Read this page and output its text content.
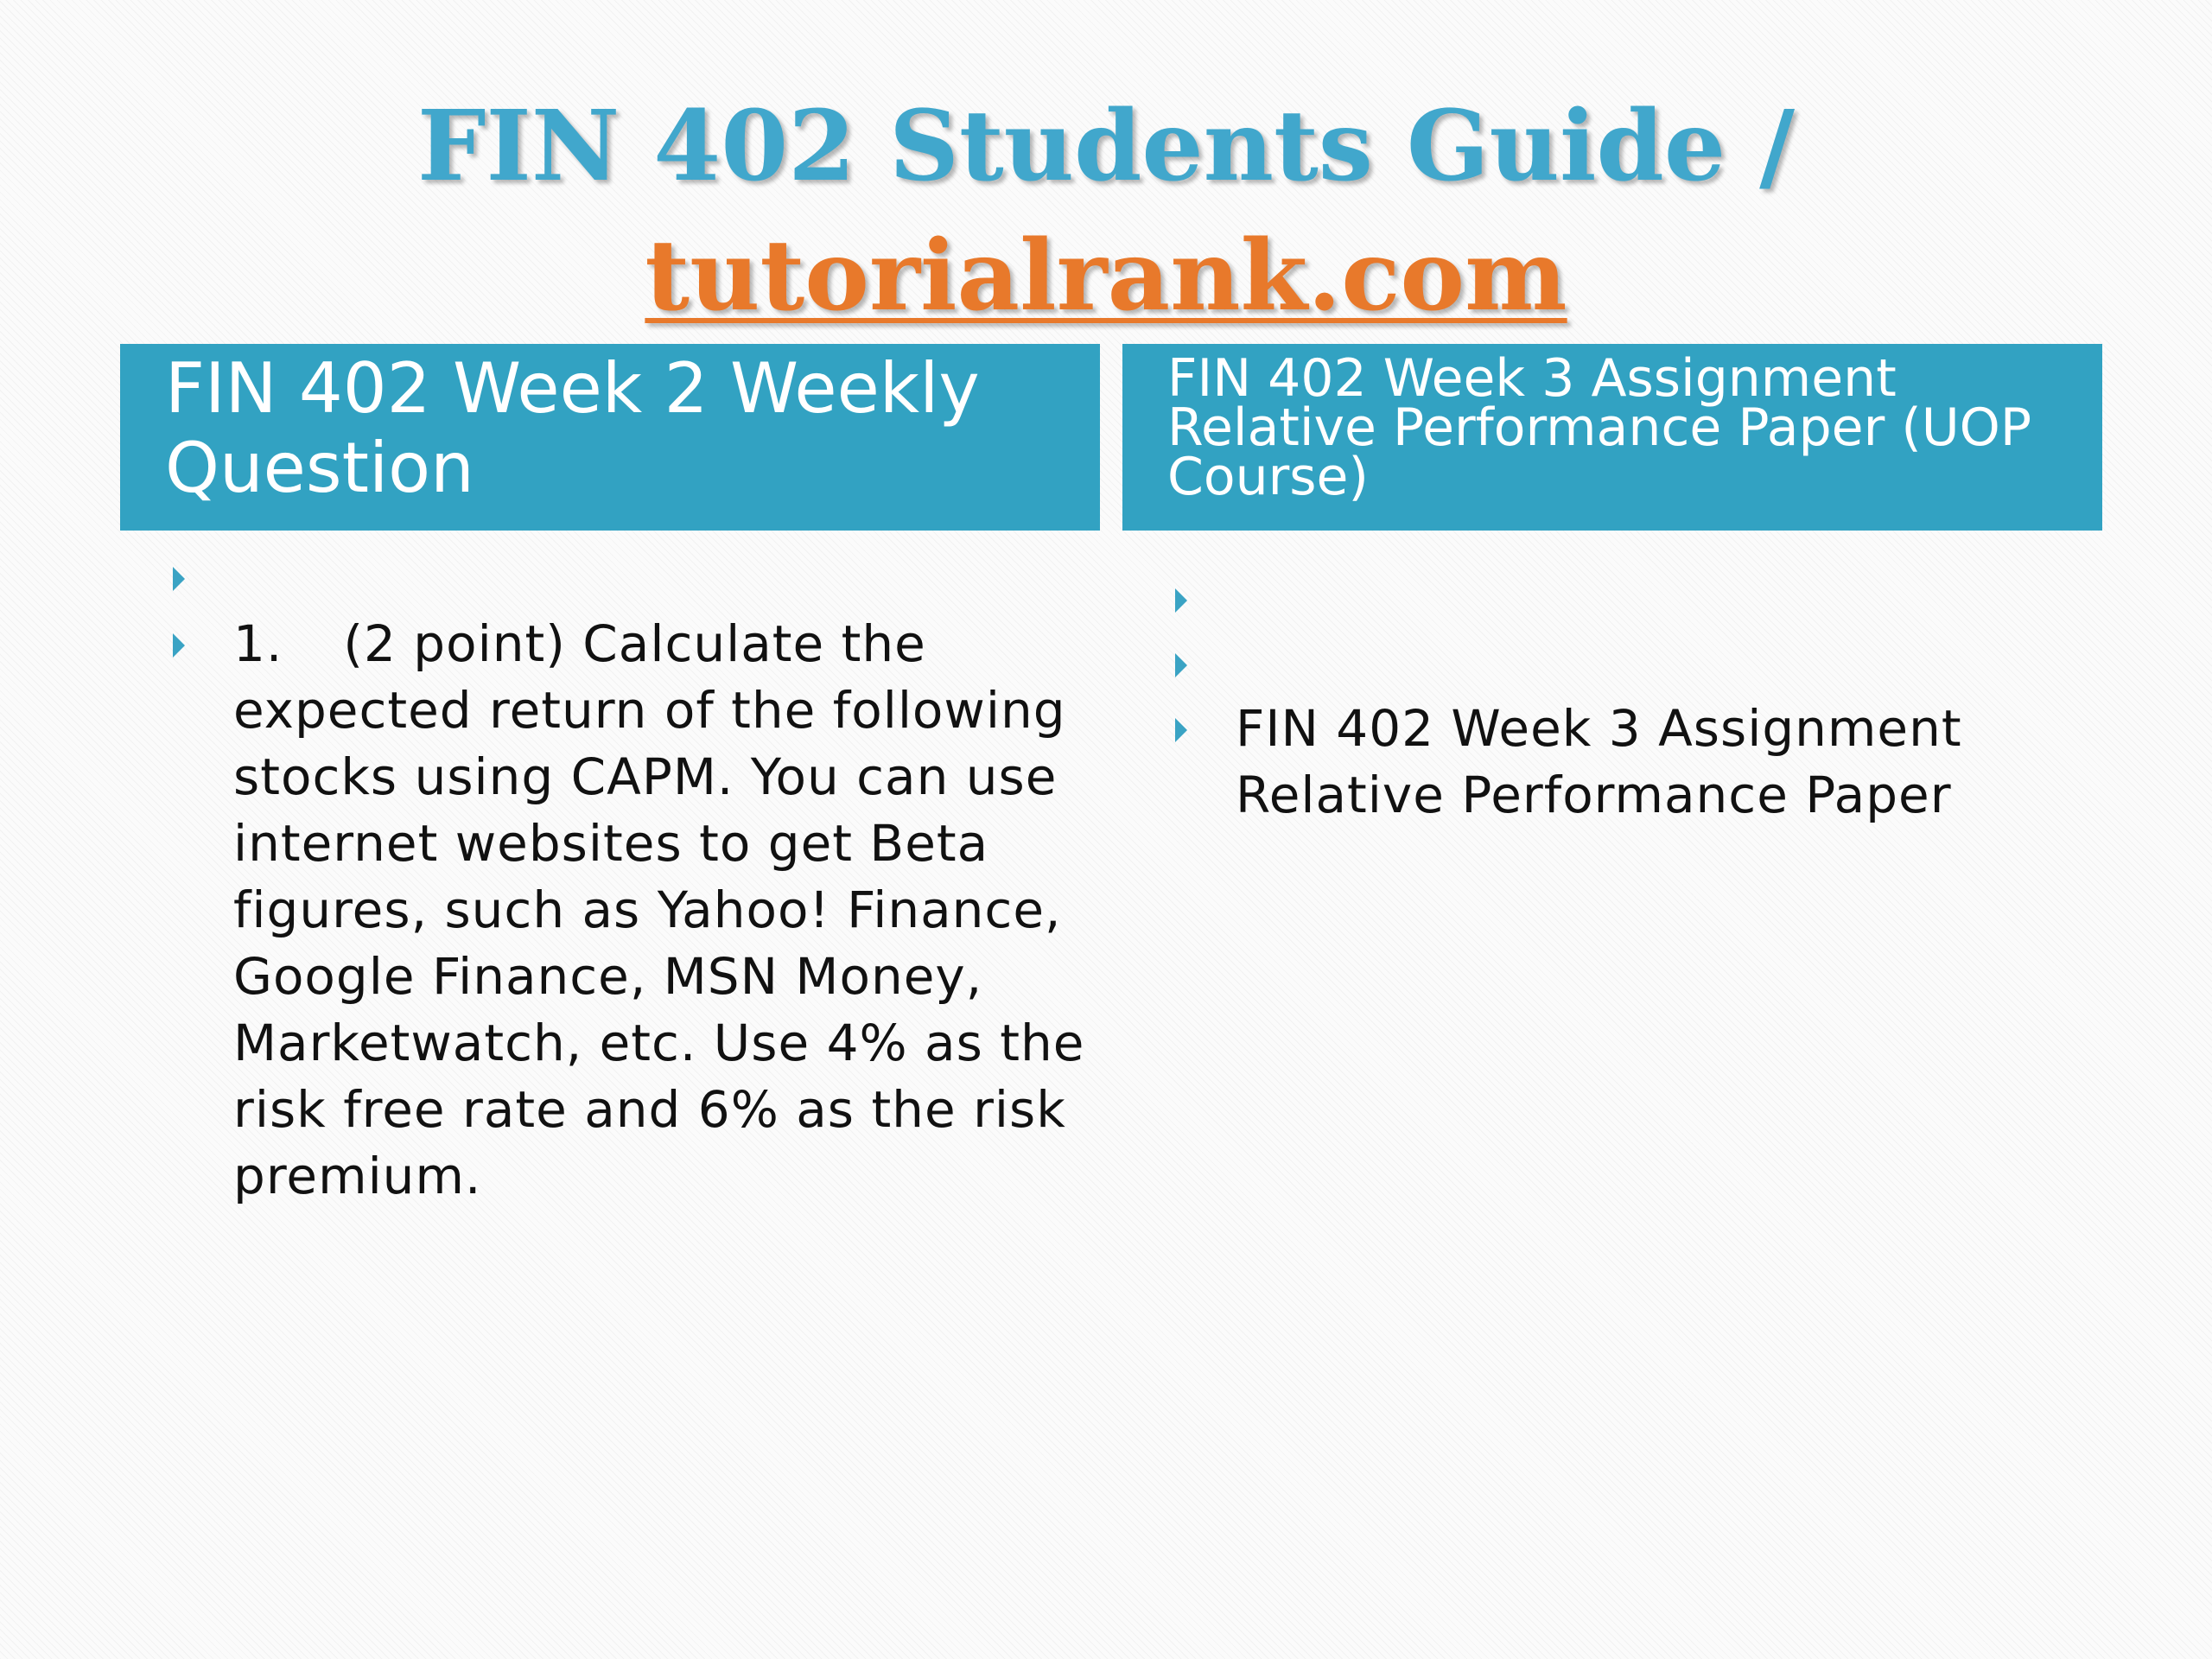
FIN 402 Students Guide /
tutorialrank.com
FIN 402 Week 2 Weekly Question
FIN 402 Week 3 Assignment Relative Performance Paper (UOP Course)
1. (2 point) Calculate the expected return of the following stocks using CAPM. You can use internet websites to get Beta figures, such as Yahoo! Finance, Google Finance, MSN Money, Marketwatch, etc. Use 4% as the risk free rate and 6% as the risk premium.
FIN 402 Week 3 Assignment Relative Performance Paper
